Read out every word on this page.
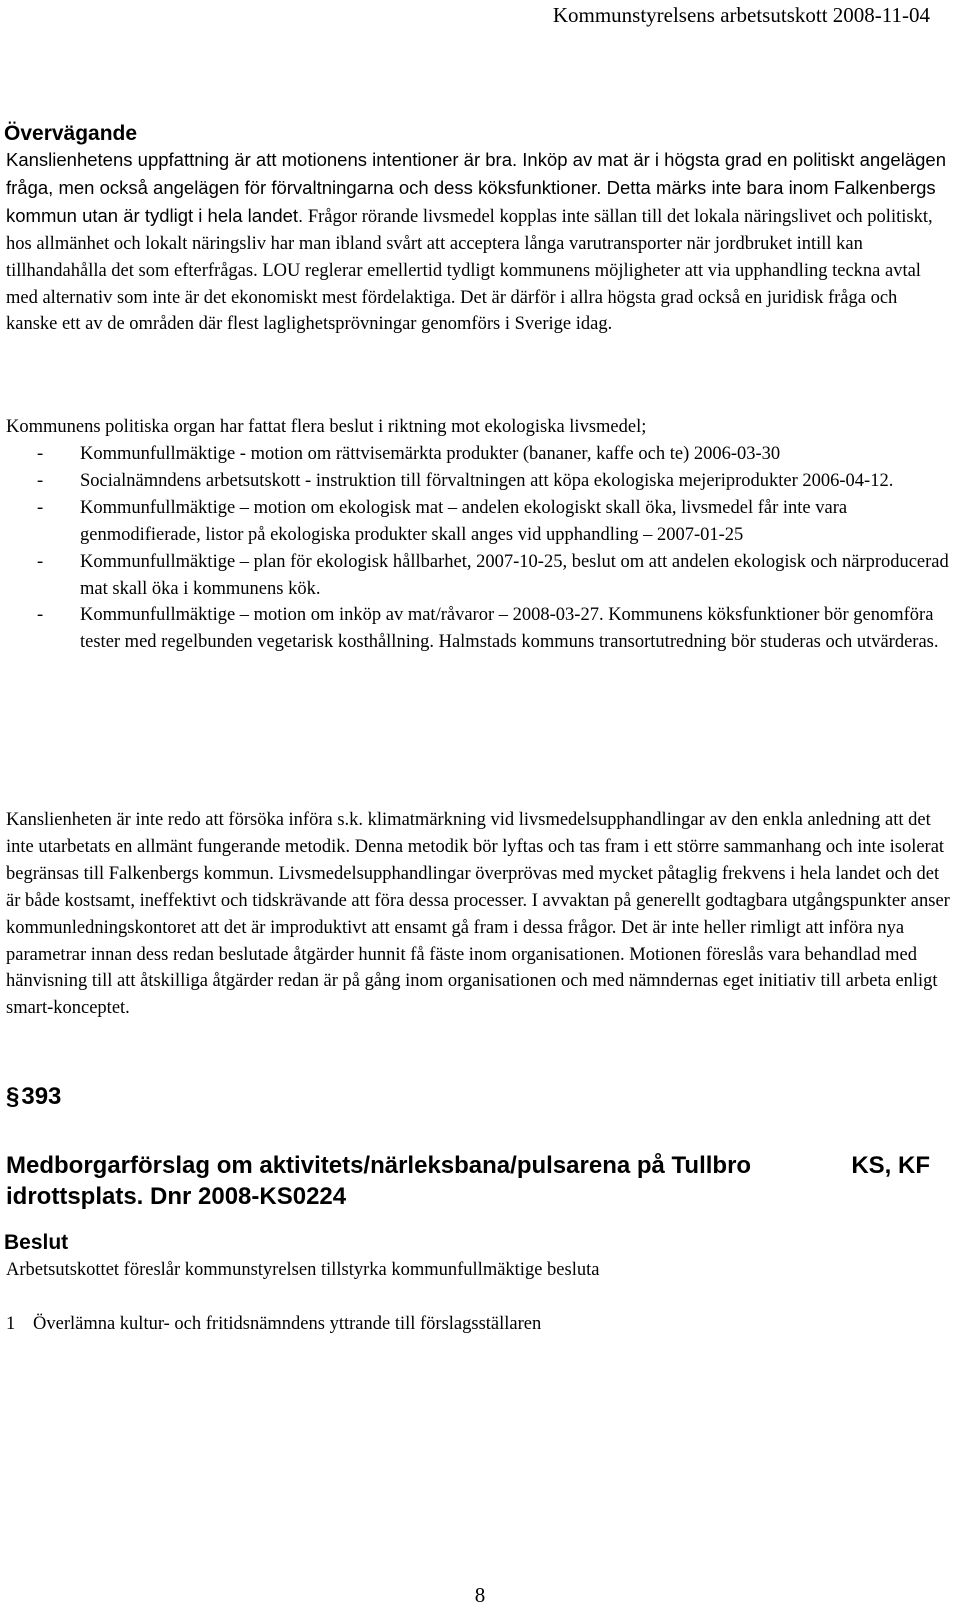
Kommunstyrelsens arbetsutskott 2008-11-04
Övervägande

Kanslienhetens uppfattning är att motionens intentioner är bra. Inköp av mat är i högsta grad en politiskt angelägen fråga, men också angelägen för förvaltningarna och dess köksfunktioner. Detta märks inte bara inom Falkenbergs kommun utan är tydligt i hela landet. Frågor rörande livsmedel kopplas inte sällan till det lokala näringslivet och politiskt, hos allmänhet och lokalt näringsliv har man ibland svårt att acceptera långa varutransporter när jordbruket intill kan tillhandahålla det som efterfrågas. LOU reglerar emellertid tydligt kommunens möjligheter att via upphandling teckna avtal med alternativ som inte är det ekonomiskt mest fördelaktiga. Det är därför i allra högsta grad också en juridisk fråga och kanske ett av de områden där flest laglighetsprövningar genomförs i Sverige idag.

Kommunens politiska organ har fattat flera beslut i riktning mot ekologiska livsmedel;

- Kommunfullmäktige - motion om rättvisemärkta produkter (bananer, kaffe och te) 2006-03-30
- Socialnämndens arbetsutskott - instruktion till förvaltningen att köpa ekologiska mejeriprodukter 2006-04-12.
- Kommunfullmäktige – motion om ekologisk mat – andelen ekologiskt skall öka, livsmedel får inte vara genmodifierade, listor på ekologiska produkter skall anges vid upphandling – 2007-01-25
- Kommunfullmäktige – plan för ekologisk hållbarhet, 2007-10-25, beslut om att andelen ekologisk och närproducerad mat skall öka i kommunens kök.
- Kommunfullmäktige – motion om inköp av mat/råvaror – 2008-03-27. Kommunens köksfunktioner bör genomföra tester med regelbunden vegetarisk kosthållning. Halmstads kommuns transortutredning bör studeras och utvärderas.

Kanslienheten är inte redo att försöka införa s.k. klimatmärkning vid livsmedelsupphandlingar av den enkla anledning att det inte utarbetats en allmänt fungerande metodik. Denna metodik bör lyftas och tas fram i ett större sammanhang och inte isolerat begränsas till Falkenbergs kommun. Livsmedelsupphandlingar överprövas med mycket påtaglig frekvens i hela landet och det är både kostsamt, ineffektivt och tidskrävande att föra dessa processer. I avvaktan på generellt godtagbara utgångspunkter anser kommunledningskontoret att det är improduktivt att ensamt gå fram i dessa frågor. Det är inte heller rimligt att införa nya parametrar innan dess redan beslutade åtgärder hunnit få fäste inom organisationen. Motionen föreslås vara behandlad med hänvisning till att åtskilliga åtgärder redan är på gång inom organisationen och med nämndernas eget initiativ till arbeta enligt smart-konceptet.

§ 393
Medborgarförslag om aktivitets/närleksbana/pulsarena på Tullbro idrottsplats. Dnr 2008-KS0224
KS, KF
Beslut
Arbetsutskottet föreslår kommunstyrelsen tillstyrka kommunfullmäktige besluta
1 Överlämna kultur- och fritidsnämndens yttrande till förslagsställaren
8
